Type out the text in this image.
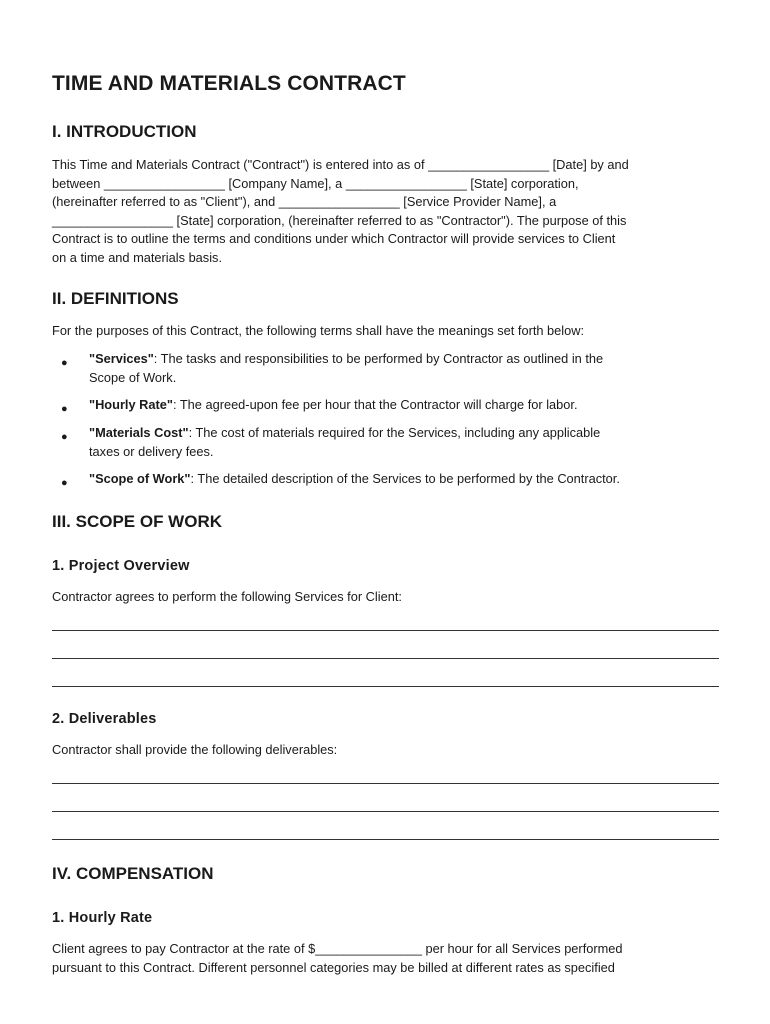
TIME AND MATERIALS CONTRACT
I. INTRODUCTION

This Time and Materials Contract ("Contract") is entered into as of _________________ [Date] by and
between _________________ [Company Name], a _________________ [State] corporation,
(hereinafter referred to as "Client"), and _________________ [Service Provider Name], a
_________________ [State] corporation, (hereinafter referred to as "Contractor"). The purpose of this
Contract is to outline the terms and conditions under which Contractor will provide services to Client
on a time and materials basis.

II. DEFINITIONS

For the purposes of this Contract, the following terms shall have the meanings set forth below:

● "Services": The tasks and responsibilities to be performed by Contractor as outlined in the
Scope of Work.
● "Hourly Rate": The agreed-upon fee per hour that the Contractor will charge for labor.
● "Materials Cost": The cost of materials required for the Services, including any applicable
taxes or delivery fees.
● "Scope of Work": The detailed description of the Services to be performed by the Contractor.
III. SCOPE OF WORK
1. Project Overview

Contractor agrees to perform the following Services for Client:

2. Deliverables

Contractor shall provide the following deliverables:

IV. COMPENSATION
1. Hourly Rate

Client agrees to pay Contractor at the rate of $_______________ per hour for all Services performed
pursuant to this Contract. Different personnel categories may be billed at different rates as specified
